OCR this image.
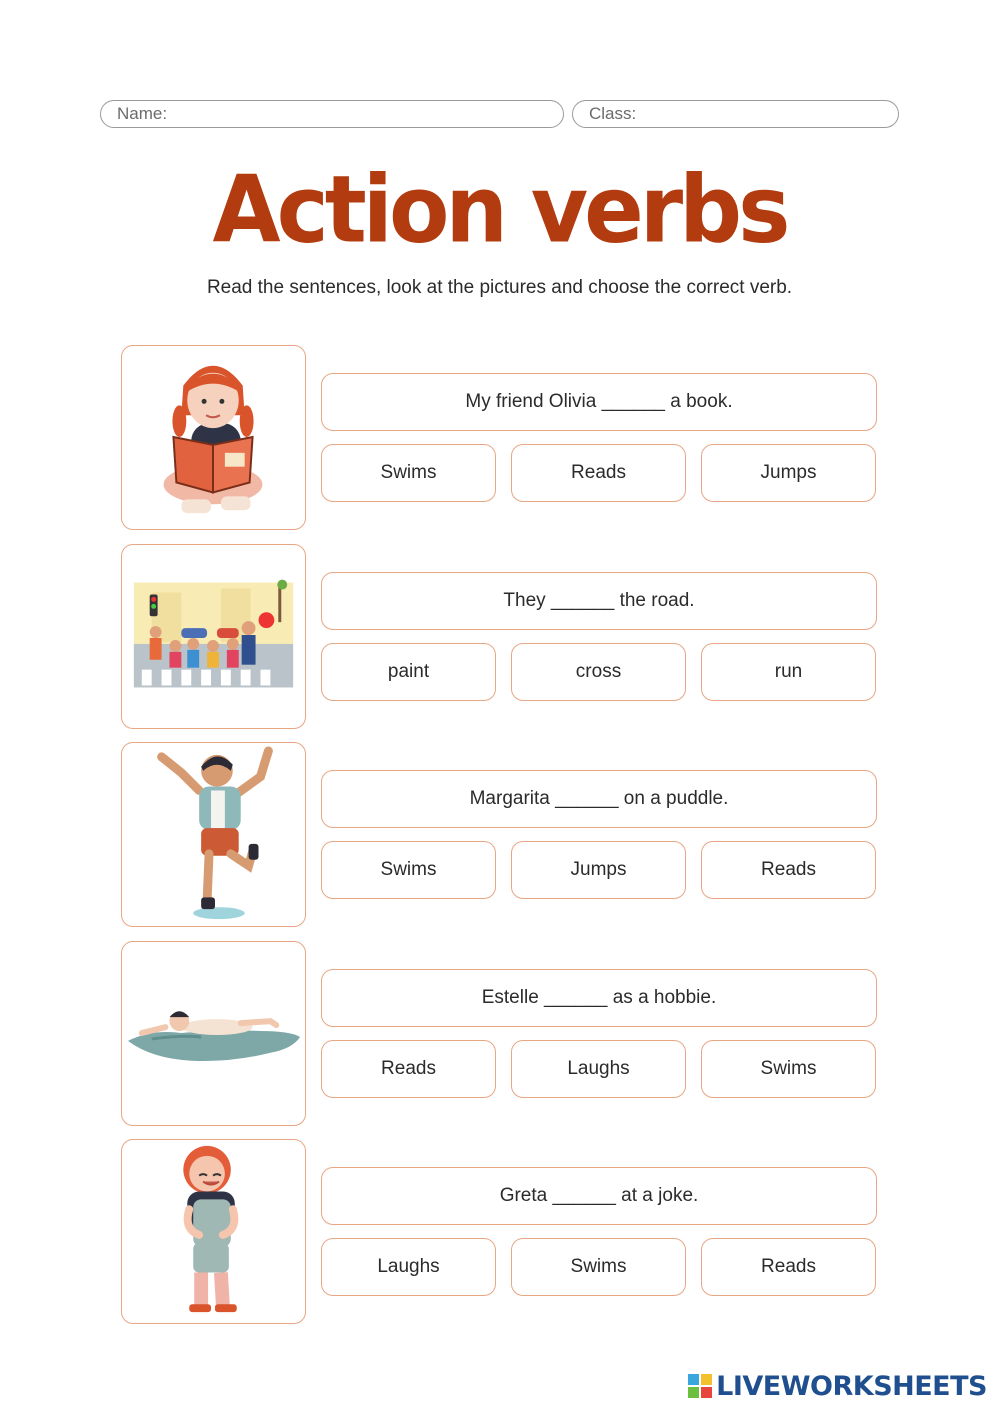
Name:	Class:
Action verbs
Read the sentences, look at the pictures and choose the correct verb.
My friend Olivia ______ a book.
Swims	Reads	Jumps
They ______ the road.
paint	cross	run
Margarita ______ on a puddle.
Swims	Jumps	Reads
Estelle ______ as a hobbie.
Reads	Laughs	Swims
Greta ______ at a joke.
Laughs	Swims	Reads
LIVEWORKSHEETS
